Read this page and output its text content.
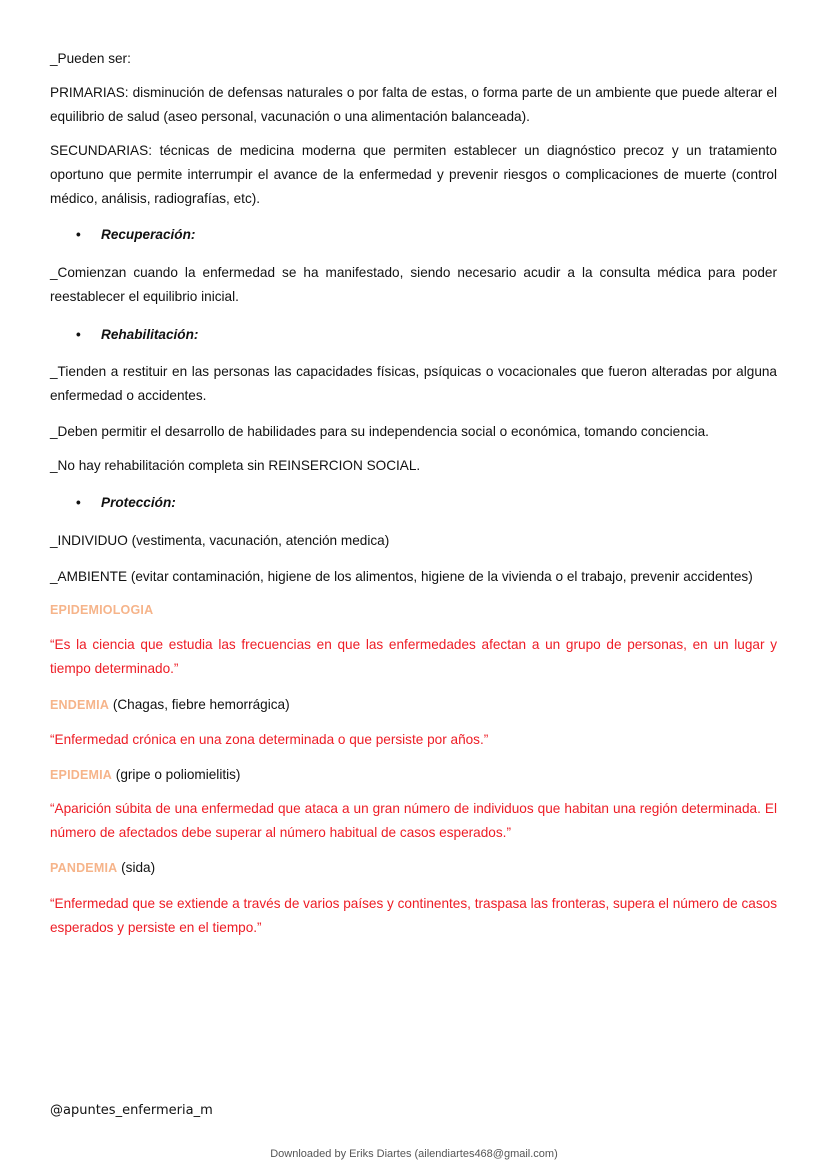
_Pueden ser:

PRIMARIAS: disminución de defensas naturales o por falta de estas, o forma parte de un ambiente que puede alterar el equilibrio de salud (aseo personal, vacunación o una alimentación balanceada).

SECUNDARIAS: técnicas de medicina moderna que permiten establecer un diagnóstico precoz y un tratamiento oportuno que permite interrumpir el avance de la enfermedad y prevenir riesgos o complicaciones de muerte (control médico, análisis, radiografías, etc).

• Recuperación:

_Comienzan cuando la enfermedad se ha manifestado, siendo necesario acudir a la consulta médica para poder reestablecer el equilibrio inicial.

• Rehabilitación:

_Tienden a restituir en las personas las capacidades físicas, psíquicas o vocacionales que fueron alteradas por alguna enfermedad o accidentes.

_Deben permitir el desarrollo de habilidades para su independencia social o económica, tomando conciencia.

_No hay rehabilitación completa sin REINSERCION SOCIAL.

• Protección:

_INDIVIDUO (vestimenta, vacunación, atención medica)

_AMBIENTE (evitar contaminación, higiene de los alimentos, higiene de la vivienda o el trabajo, prevenir accidentes)

EPIDEMIOLOGIA

“Es la ciencia que estudia las frecuencias en que las enfermedades afectan a un grupo de personas, en un lugar y tiempo determinado.”

ENDEMIA (Chagas, fiebre hemorrágica)

“Enfermedad crónica en una zona determinada o que persiste por años.”

EPIDEMIA (gripe o poliomielitis)

“Aparición súbita de una enfermedad que ataca a un gran número de individuos que habitan una región determinada. El número de afectados debe superar al número habitual de casos esperados.”

PANDEMIA (sida)

“Enfermedad que se extiende a través de varios países y continentes, traspasa las fronteras, supera el número de casos esperados y persiste en el tiempo.”

@apuntes_enfermeria_m
Downloaded by Eriks Diartes (ailendiartes468@gmail.com)
